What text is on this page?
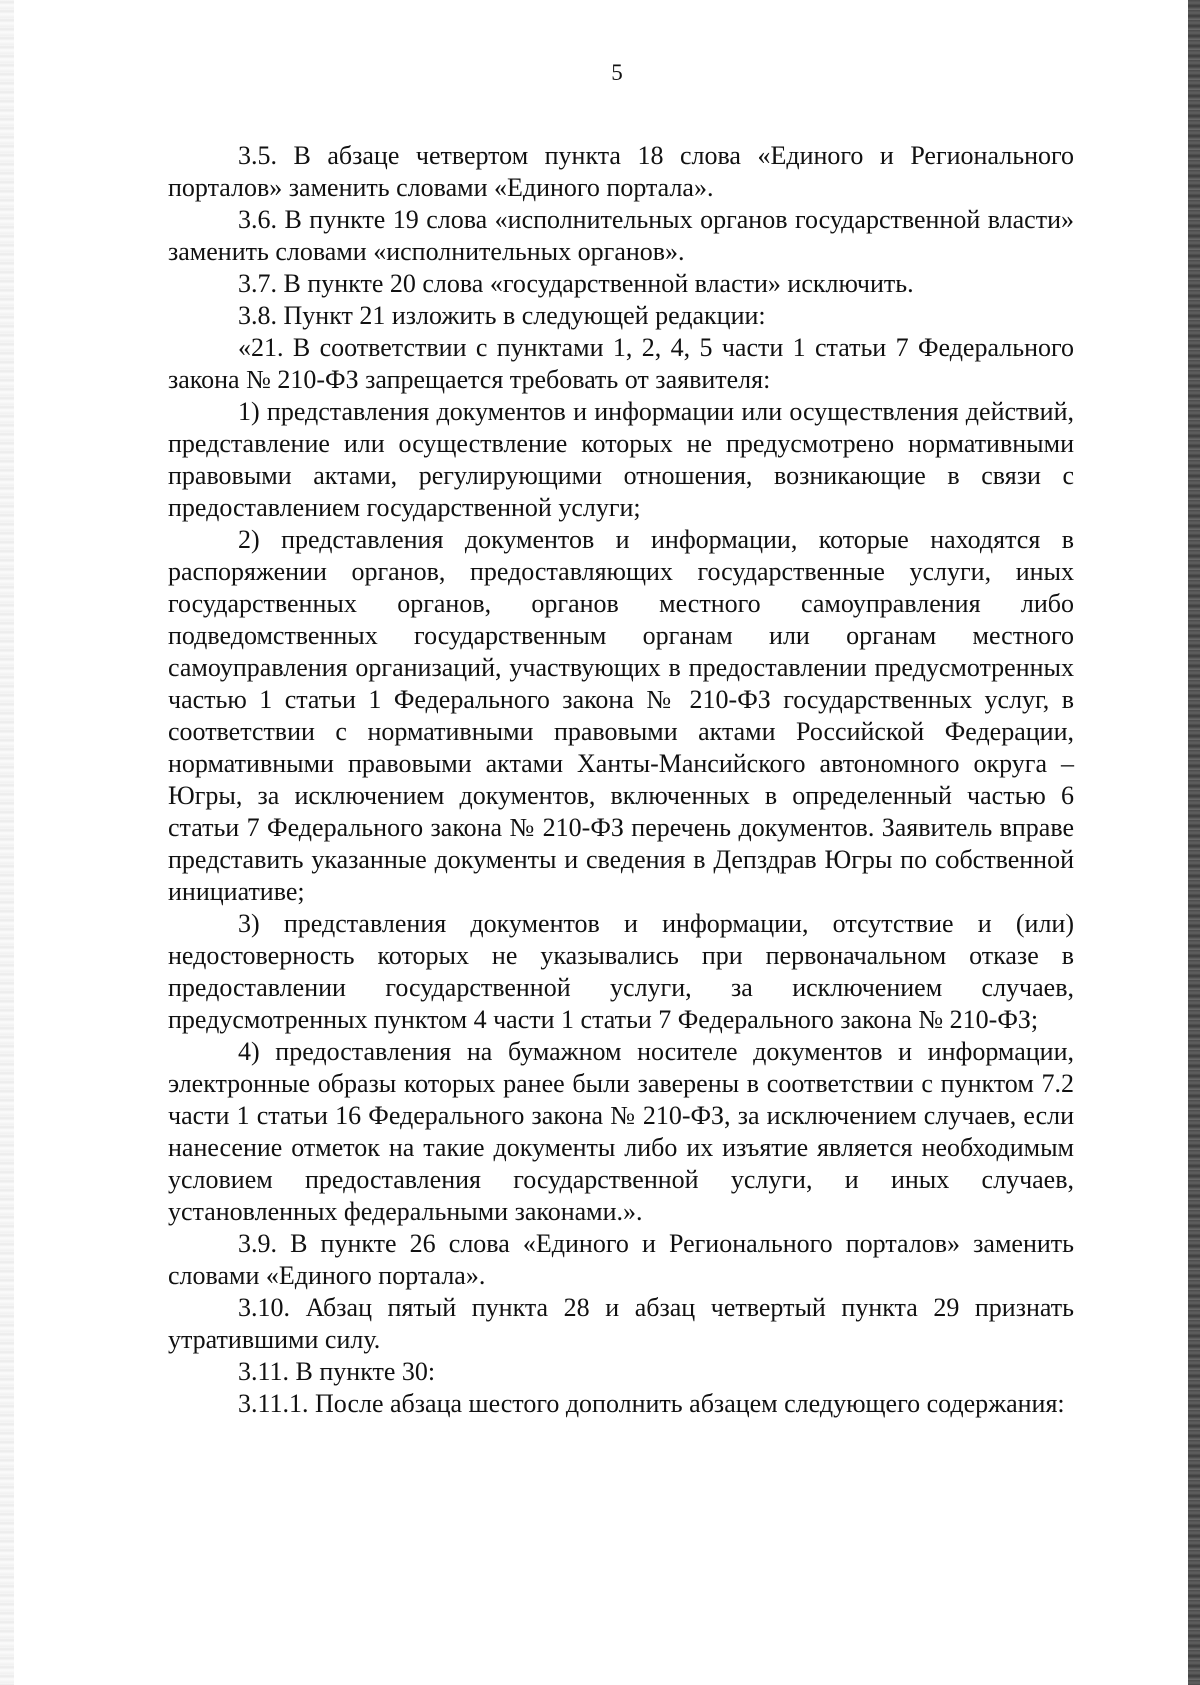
5

3.5. В абзаце четвертом пункта 18 слова «Единого и Регионального порталов» заменить словами «Единого портала».

3.6. В пункте 19 слова «исполнительных органов государственной власти» заменить словами «исполнительных органов».

3.7. В пункте 20 слова «государственной власти» исключить.

3.8. Пункт 21 изложить в следующей редакции:

«21. В соответствии с пунктами 1, 2, 4, 5 части 1 статьи 7 Федерального закона № 210-ФЗ запрещается требовать от заявителя:

1) представления документов и информации или осуществления действий, представление или осуществление которых не предусмотрено нормативными правовыми актами, регулирующими отношения, возникающие в связи с предоставлением государственной услуги;

2) представления документов и информации, которые находятся в распоряжении органов, предоставляющих государственные услуги, иных государственных органов, органов местного самоуправления либо подведомственных государственным органам или органам местного самоуправления организаций, участвующих в предоставлении предусмотренных частью 1 статьи 1 Федерального закона № 210-ФЗ государственных услуг, в соответствии с нормативными правовыми актами Российской Федерации, нормативными правовыми актами Ханты-Мансийского автономного округа – Югры, за исключением документов, включенных в определенный частью 6 статьи 7 Федерального закона № 210-ФЗ перечень документов. Заявитель вправе представить указанные документы и сведения в Депздрав Югры по собственной инициативе;

3) представления документов и информации, отсутствие и (или) недостоверность которых не указывались при первоначальном отказе в предоставлении государственной услуги, за исключением случаев, предусмотренных пунктом 4 части 1 статьи 7 Федерального закона № 210-ФЗ;

4) предоставления на бумажном носителе документов и информации, электронные образы которых ранее были заверены в соответствии с пунктом 7.2 части 1 статьи 16 Федерального закона № 210-ФЗ, за исключением случаев, если нанесение отметок на такие документы либо их изъятие является необходимым условием предоставления государственной услуги, и иных случаев, установленных федеральными законами.».

3.9. В пункте 26 слова «Единого и Регионального порталов» заменить словами «Единого портала».

3.10. Абзац пятый пункта 28 и абзац четвертый пункта 29 признать утратившими силу.

3.11. В пункте 30:

3.11.1. После абзаца шестого дополнить абзацем следующего содержания:
